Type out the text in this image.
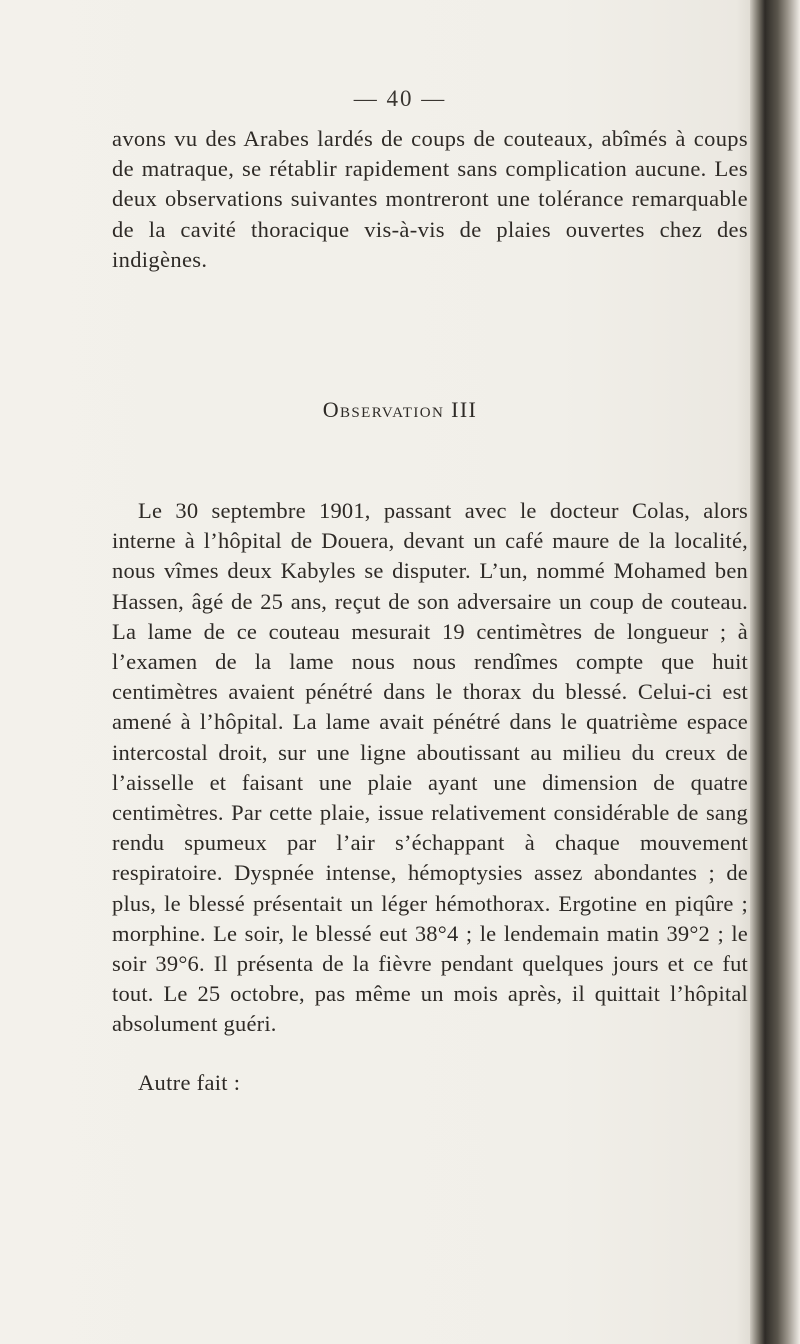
— 40 —
avons vu des Arabes lardés de coups de couteaux, abîmés à coups de matraque, se rétablir rapidement sans complication aucune. Les deux observations suivantes montreront une tolérance remarquable de la cavité thoracique vis-à-vis de plaies ouvertes chez des indigènes.
Observation III
Le 30 septembre 1901, passant avec le docteur Colas, alors interne à l’hôpital de Douera, devant un café maure de la localité, nous vîmes deux Kabyles se disputer. L’un, nommé Mohamed ben Hassen, âgé de 25 ans, reçut de son adversaire un coup de couteau. La lame de ce couteau mesurait 19 centimètres de longueur ; à l’examen de la lame nous nous rendîmes compte que huit centimètres avaient pénétré dans le thorax du blessé. Celui-ci est amené à l’hôpital. La lame avait pénétré dans le quatrième espace intercostal droit, sur une ligne aboutissant au milieu du creux de l’aisselle et faisant une plaie ayant une dimension de quatre centimètres. Par cette plaie, issue relativement considérable de sang rendu spumeux par l’air s’échappant à chaque mouvement respiratoire. Dyspnée intense, hémoptysies assez abondantes ; de plus, le blessé présentait un léger hémothorax. Ergotine en piqûre ; morphine. Le soir, le blessé eut 38°4 ; le lendemain matin 39°2 ; le soir 39°6. Il présenta de la fièvre pendant quelques jours et ce fut tout. Le 25 octobre, pas même un mois après, il quittait l’hôpital absolument guéri.
Autre fait :
